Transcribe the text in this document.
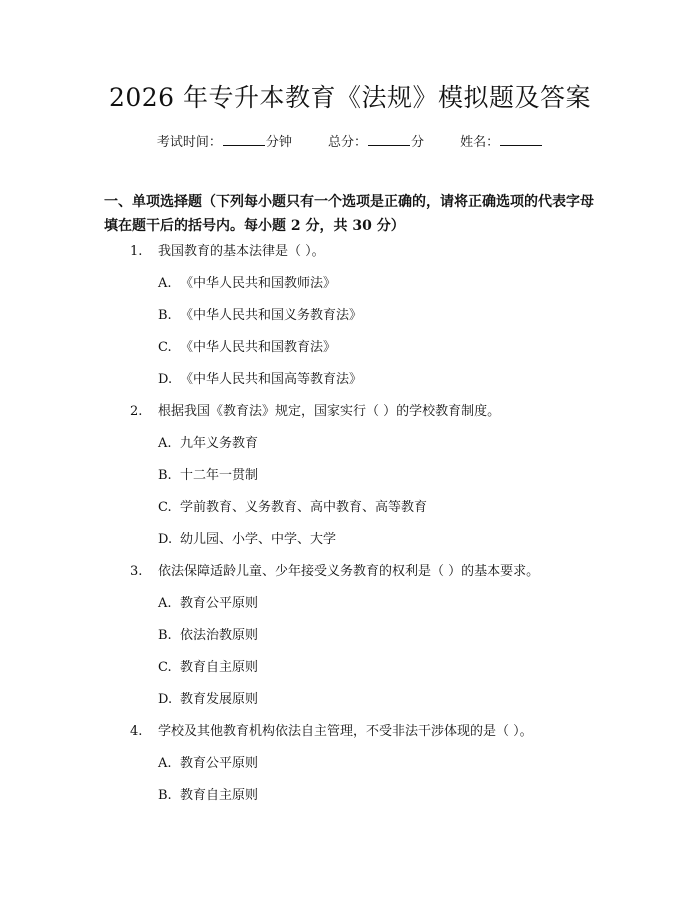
2026 年专升本教育《法规》模拟题及答案
考试时间：	分钟	总分：	分	姓名：
一、单项选择题（下列每小题只有一个选项是正确的，请将正确选项的代表字母
填在题干后的括号内。每小题 2 分，共 30 分）
1. 我国教育的基本法律是（ ）。
A. 《中华人民共和国教师法》
B. 《中华人民共和国义务教育法》
C. 《中华人民共和国教育法》
D. 《中华人民共和国高等教育法》
2. 根据我国《教育法》规定，国家实行（ ）的学校教育制度。
A. 九年义务教育
B. 十二年一贯制
C. 学前教育、义务教育、高中教育、高等教育
D. 幼儿园、小学、中学、大学
3. 依法保障适龄儿童、少年接受义务教育的权利是（ ）的基本要求。
A. 教育公平原则
B. 依法治教原则
C. 教育自主原则
D. 教育发展原则
4. 学校及其他教育机构依法自主管理，不受非法干涉体现的是（ ）。
A. 教育公平原则
B. 教育自主原则
